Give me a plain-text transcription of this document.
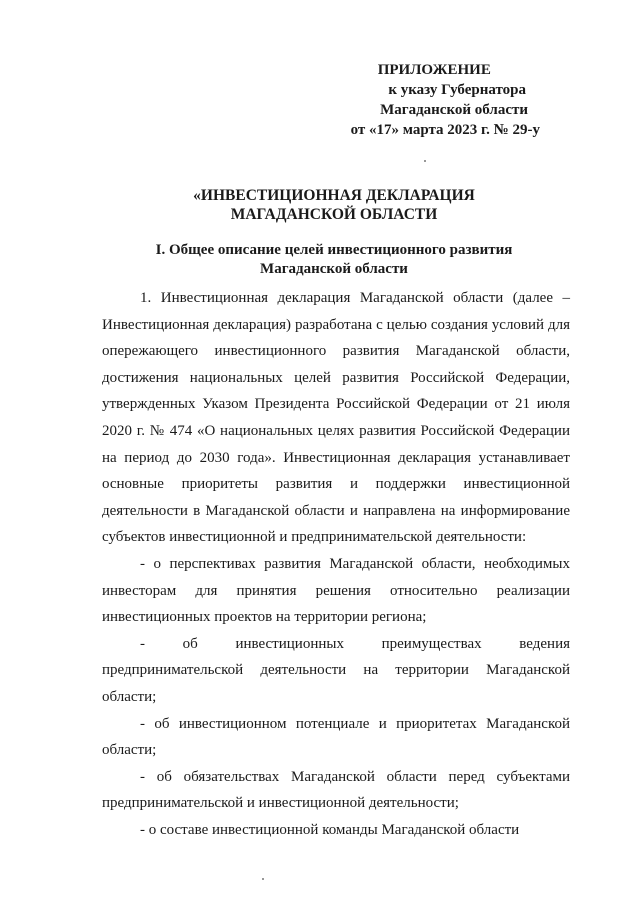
ПРИЛОЖЕНИЕ
к указу Губернатора
Магаданской области
от «17» марта 2023 г. № 29-у
«ИНВЕСТИЦИОННАЯ ДЕКЛАРАЦИЯ
МАГАДАНСКОЙ ОБЛАСТИ
I. Общее описание целей инвестиционного развития
Магаданской области

1. Инвестиционная декларация Магаданской области (далее – Инвестиционная декларация) разработана с целью создания условий для опережающего инвестиционного развития Магаданской области, достижения национальных целей развития Российской Федерации, утвержденных Указом Президента Российской Федерации от 21 июля 2020 г. № 474 «О национальных целях развития Российской Федерации на период до 2030 года». Инвестиционная декларация устанавливает основные приоритеты развития и поддержки инвестиционной деятельности в Магаданской области и направлена на информирование субъектов инвестиционной и предпринимательской деятельности:

- о перспективах развития Магаданской области, необходимых инвесторам для принятия решения относительно реализации инвестиционных проектов на территории региона;

- об инвестиционных преимуществах ведения предпринимательской деятельности на территории Магаданской области;

- об инвестиционном потенциале и приоритетах Магаданской области;

- об обязательствах Магаданской области перед субъектами предпринимательской и инвестиционной деятельности;

- о составе инвестиционной команды Магаданской области
